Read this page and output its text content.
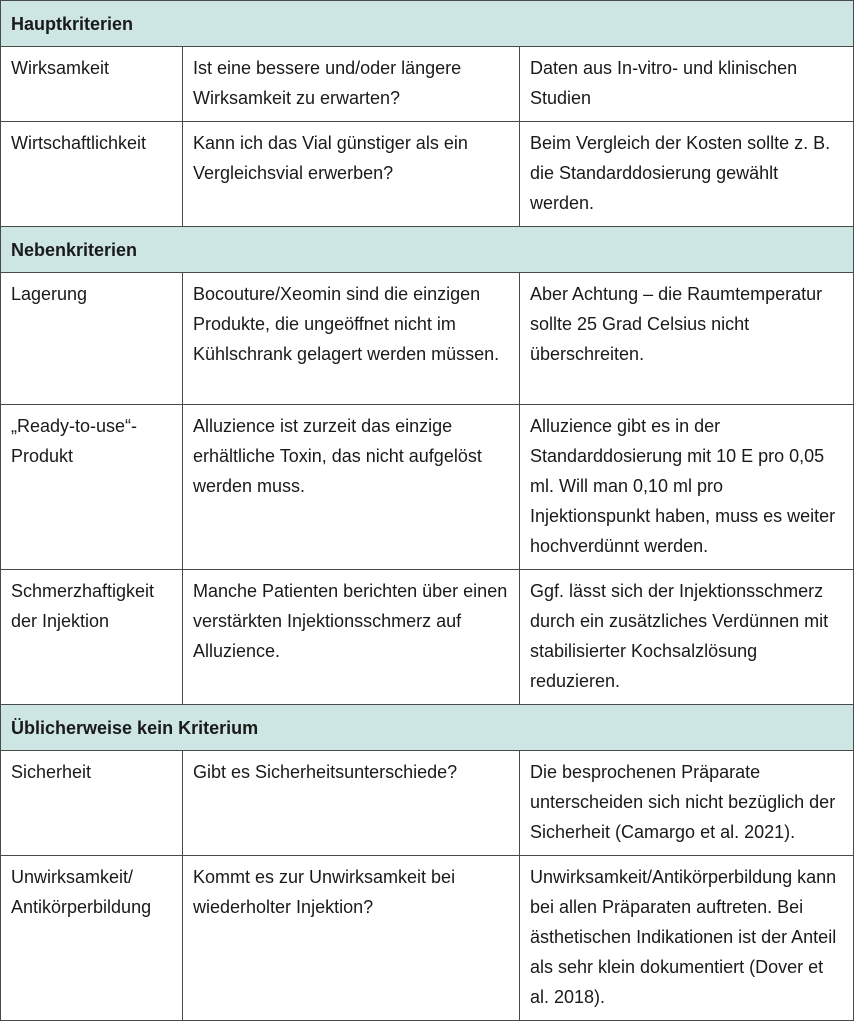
Hauptkriterien		
Wirksamkeit	Ist eine bessere und/oder längere Wirksamkeit zu erwarten?	Daten aus In-vitro- und klinischen Studien
Wirtschaftlichkeit	Kann ich das Vial günstiger als ein Vergleichsvial erwerben?	Beim Vergleich der Kosten sollte z. B. die Standarddosierung gewählt werden.
Nebenkriterien		
Lagerung	Bocouture/Xeomin sind die einzigen Produkte, die ungeöffnet nicht im Kühlschrank gelagert werden müssen.	Aber Achtung – die Raumtemperatur sollte 25 Grad Celsius nicht überschreiten.
„Ready-to-use“-Produkt	Alluzience ist zurzeit das einzige erhältliche Toxin, das nicht aufgelöst werden muss.	Alluzience gibt es in der Standarddosierung mit 10 E pro 0,05 ml. Will man 0,10 ml pro Injektionspunkt haben, muss es weiter hochverdünnt werden.
Schmerzhaftigkeit der Injektion	Manche Patienten berichten über einen verstärkten Injektionsschmerz auf Alluzience.	Ggf. lässt sich der Injektionsschmerz durch ein zusätzliches Verdünnen mit stabilisierter Kochsalzlösung reduzieren.
Üblicherweise kein Kriterium		
Sicherheit	Gibt es Sicherheitsunterschiede?	Die besprochenen Präparate unterscheiden sich nicht bezüglich der Sicherheit (Camargo et al. 2021).
Unwirksamkeit/ Antikörperbildung	Kommt es zur Unwirksamkeit bei wiederholter Injektion?	Unwirksamkeit/Antikörperbildung kann bei allen Präparaten auftreten. Bei ästhetischen Indikationen ist der Anteil als sehr klein dokumentiert (Dover et al. 2018).
